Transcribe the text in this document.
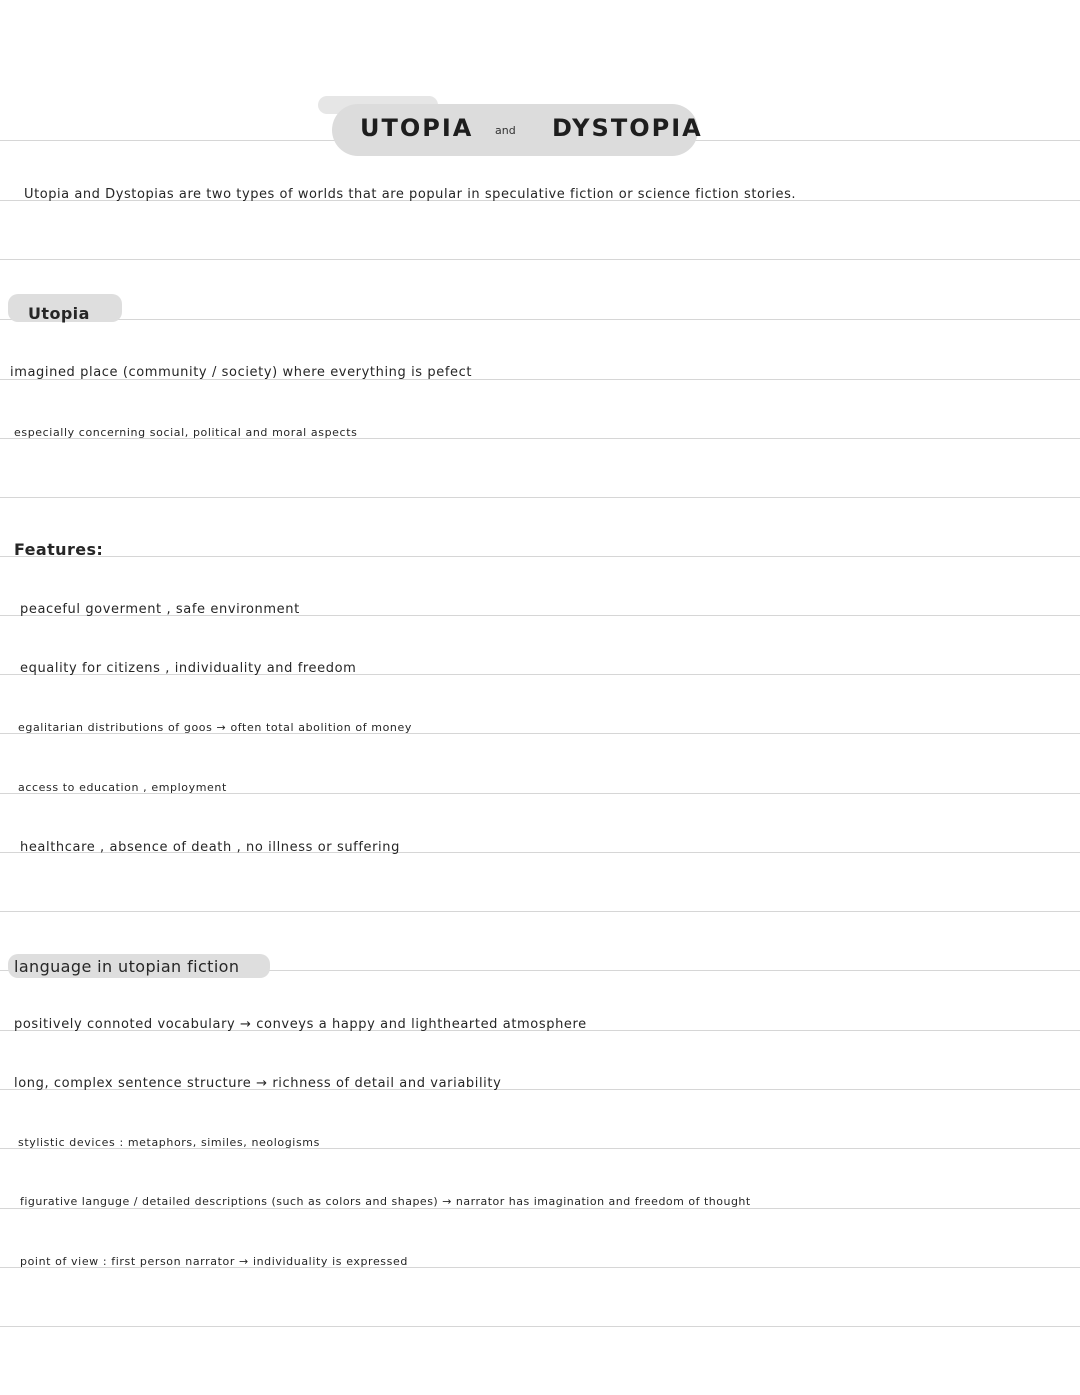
UTOPIA and DYSTOPIA
Utopia and Dystopias are two types of worlds that are popular in speculative fiction or science fiction stories.
Utopia
imagined place (community / society) where everything is pefect
especially concerning social, political and moral aspects
Features:
peaceful goverment , safe environment
equality for citizens , individuality and freedom
egalitarian distributions of goos → often total abolition of money
access to education , employment
healthcare , absence of death , no illness or suffering
language in utopian fiction
positively connoted vocabulary → conveys a happy and lighthearted atmosphere
long, complex sentence structure → richness of detail and variability
stylistic devices : metaphors, similes, neologisms
figurative languge / detailed descriptions (such as colors and shapes) → narrator has imagination and freedom of thought
point of view : first person narrator → individuality is expressed
